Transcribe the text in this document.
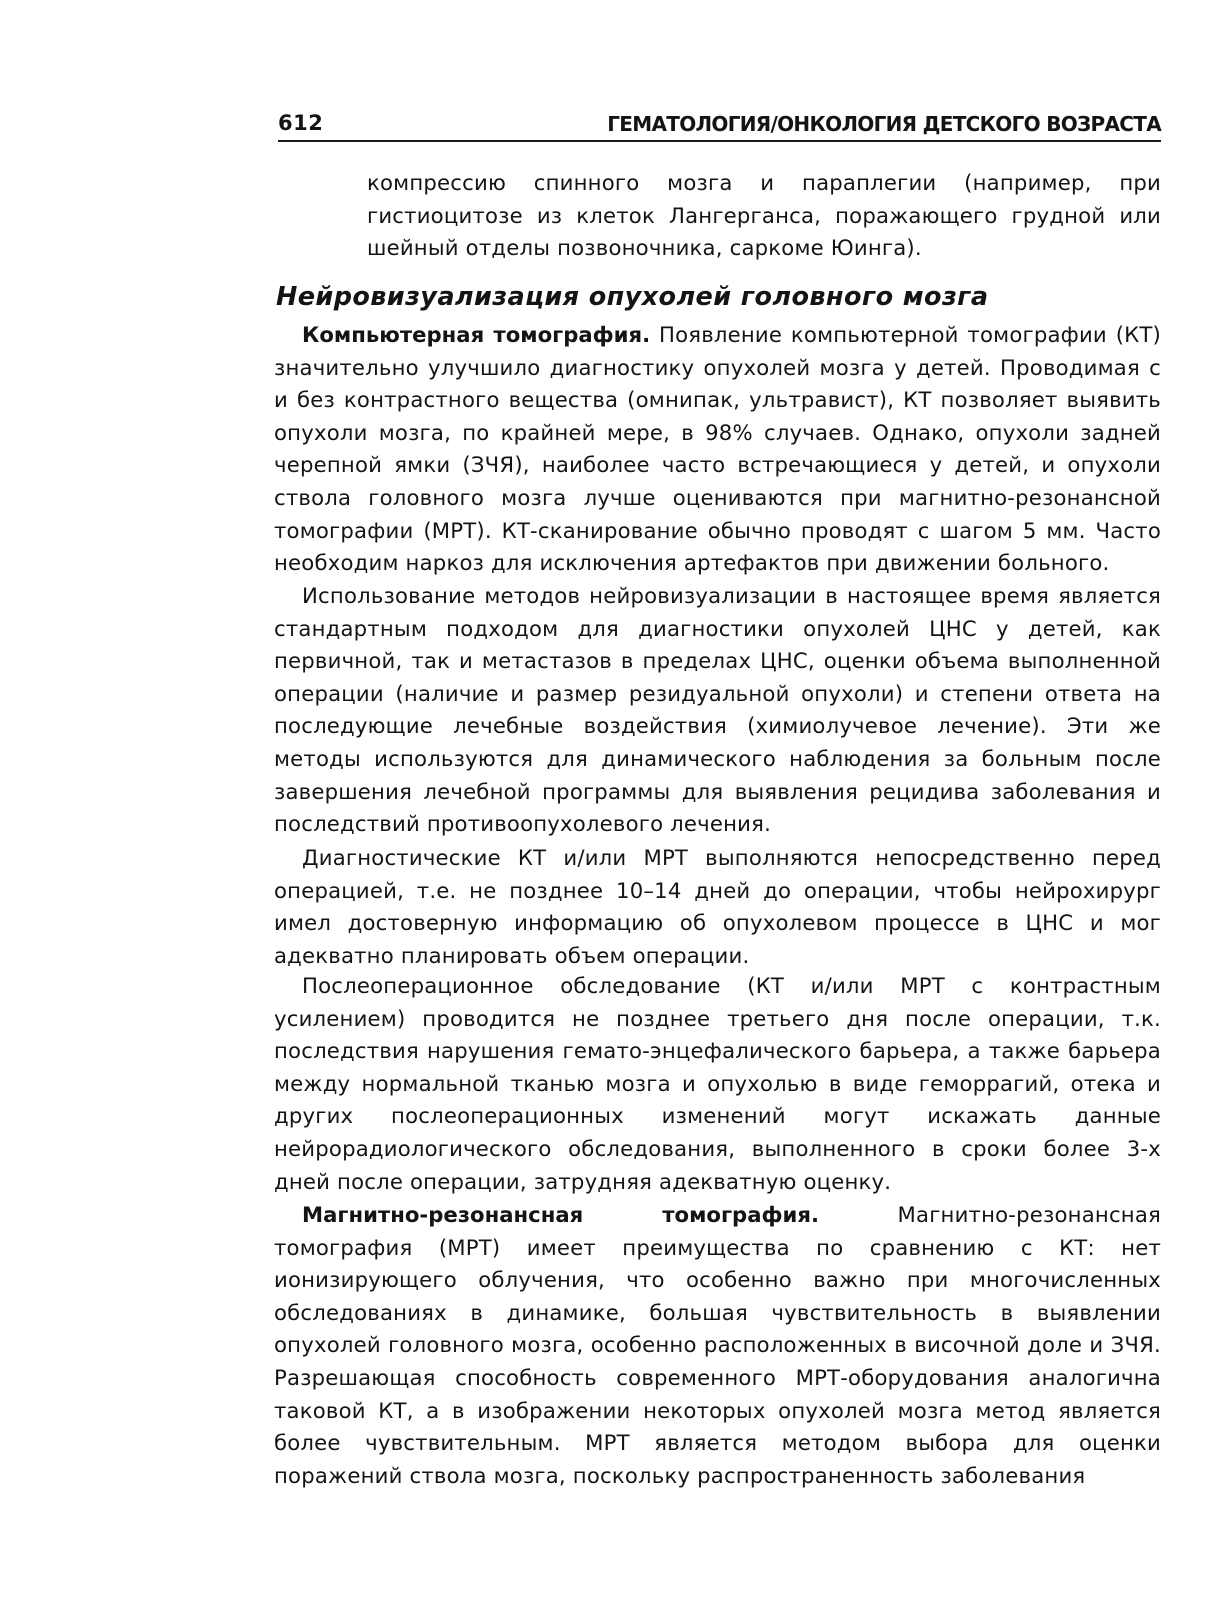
612	ГЕМАТОЛОГИЯ/ОНКОЛОГИЯ ДЕТСКОГО ВОЗРАСТА

компрессию спинного мозга и параплегии (например, при гистиоцитозе из клеток Лангерганса, поражающего грудной или шейный отделы позвоночника, саркоме Юинга).

Нейровизуализация опухолей головного мозга

Компьютерная томография. Появление компьютерной томографии (КТ) значительно улучшило диагностику опухолей мозга у детей. Проводимая с и без контрастного вещества (омнипак, ультравист), КТ позволяет выявить опухоли мозга, по крайней мере, в 98% случаев. Однако, опухоли задней черепной ямки (ЗЧЯ), наиболее часто встречающиеся у детей, и опухоли ствола головного мозга лучше оцениваются при магнитно-резонансной томографии (МРТ). КТ-сканирование обычно проводят с шагом 5 мм. Часто необходим наркоз для исключения артефактов при движении больного.

Использование методов нейровизуализации в настоящее время является стандартным подходом для диагностики опухолей ЦНС у детей, как первичной, так и метастазов в пределах ЦНС, оценки объема выполненной операции (наличие и размер резидуальной опухоли) и степени ответа на последующие лечебные воздействия (химиолучевое лечение). Эти же методы используются для динамического наблюдения за больным после завершения лечебной программы для выявления рецидива заболевания и последствий противоопухолевого лечения.

Диагностические КТ и/или МРТ выполняются непосредственно перед операцией, т.е. не позднее 10–14 дней до операции, чтобы нейрохирург имел достоверную информацию об опухолевом процессе в ЦНС и мог адекватно планировать объем операции.

Послеоперационное обследование (КТ и/или МРТ с контрастным усилением) проводится не позднее третьего дня после операции, т.к. последствия нарушения гемато-энцефалического барьера, а также барьера между нормальной тканью мозга и опухолью в виде геморрагий, отека и других послеоперационных изменений могут искажать данные нейрорадиологического обследования, выполненного в сроки более 3-х дней после операции, затрудняя адекватную оценку.

Магнитно-резонансная томография. Магнитно-резонансная томография (МРТ) имеет преимущества по сравнению с КТ: нет ионизирующего облучения, что особенно важно при многочисленных обследованиях в динамике, большая чувствительность в выявлении опухолей головного мозга, особенно расположенных в височной доле и ЗЧЯ. Разрешающая способность современного МРТ-оборудования аналогична таковой КТ, а в изображении некоторых опухолей мозга метод является более чувствительным. МРТ является методом выбора для оценки поражений ствола мозга, поскольку распространенность заболевания
